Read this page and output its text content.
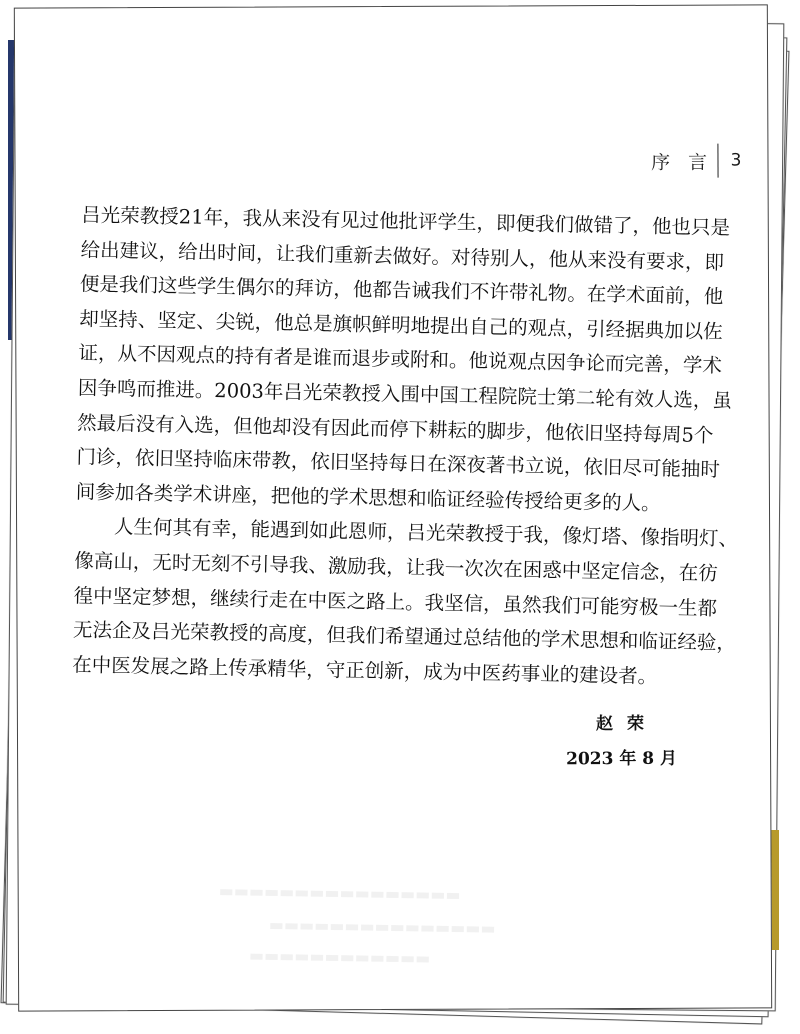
序 言 3
吕光荣教授21年，我从来没有见过他批评学生，即便我们做错了，他也只是
给出建议，给出时间，让我们重新去做好。对待别人，他从来没有要求，即
便是我们这些学生偶尔的拜访，他都告诫我们不许带礼物。在学术面前，他
却坚持、坚定、尖锐，他总是旗帜鲜明地提出自己的观点，引经据典加以佐
证，从不因观点的持有者是谁而退步或附和。他说观点因争论而完善，学术
因争鸣而推进。2003年吕光荣教授入围中国工程院院士第二轮有效人选，虽
然最后没有入选，但他却没有因此而停下耕耘的脚步，他依旧坚持每周5个
门诊，依旧坚持临床带教，依旧坚持每日在深夜著书立说，依旧尽可能抽时
间参加各类学术讲座，把他的学术思想和临证经验传授给更多的人。
人生何其有幸，能遇到如此恩师，吕光荣教授于我，像灯塔、像指明灯、
像高山，无时无刻不引导我、激励我，让我一次次在困惑中坚定信念，在彷
徨中坚定梦想，继续行走在中医之路上。我坚信，虽然我们可能穷极一生都
无法企及吕光荣教授的高度，但我们希望通过总结他的学术思想和临证经验，
在中医发展之路上传承精华，守正创新，成为中医药事业的建设者。
赵荣
2023 年 8 月
▬▬▬▬▬▬▬▬▬▬▬▬▬▬▬▬
▬▬▬▬▬▬▬▬▬▬▬▬▬▬▬
▬▬▬▬▬▬▬▬▬▬▬▬
